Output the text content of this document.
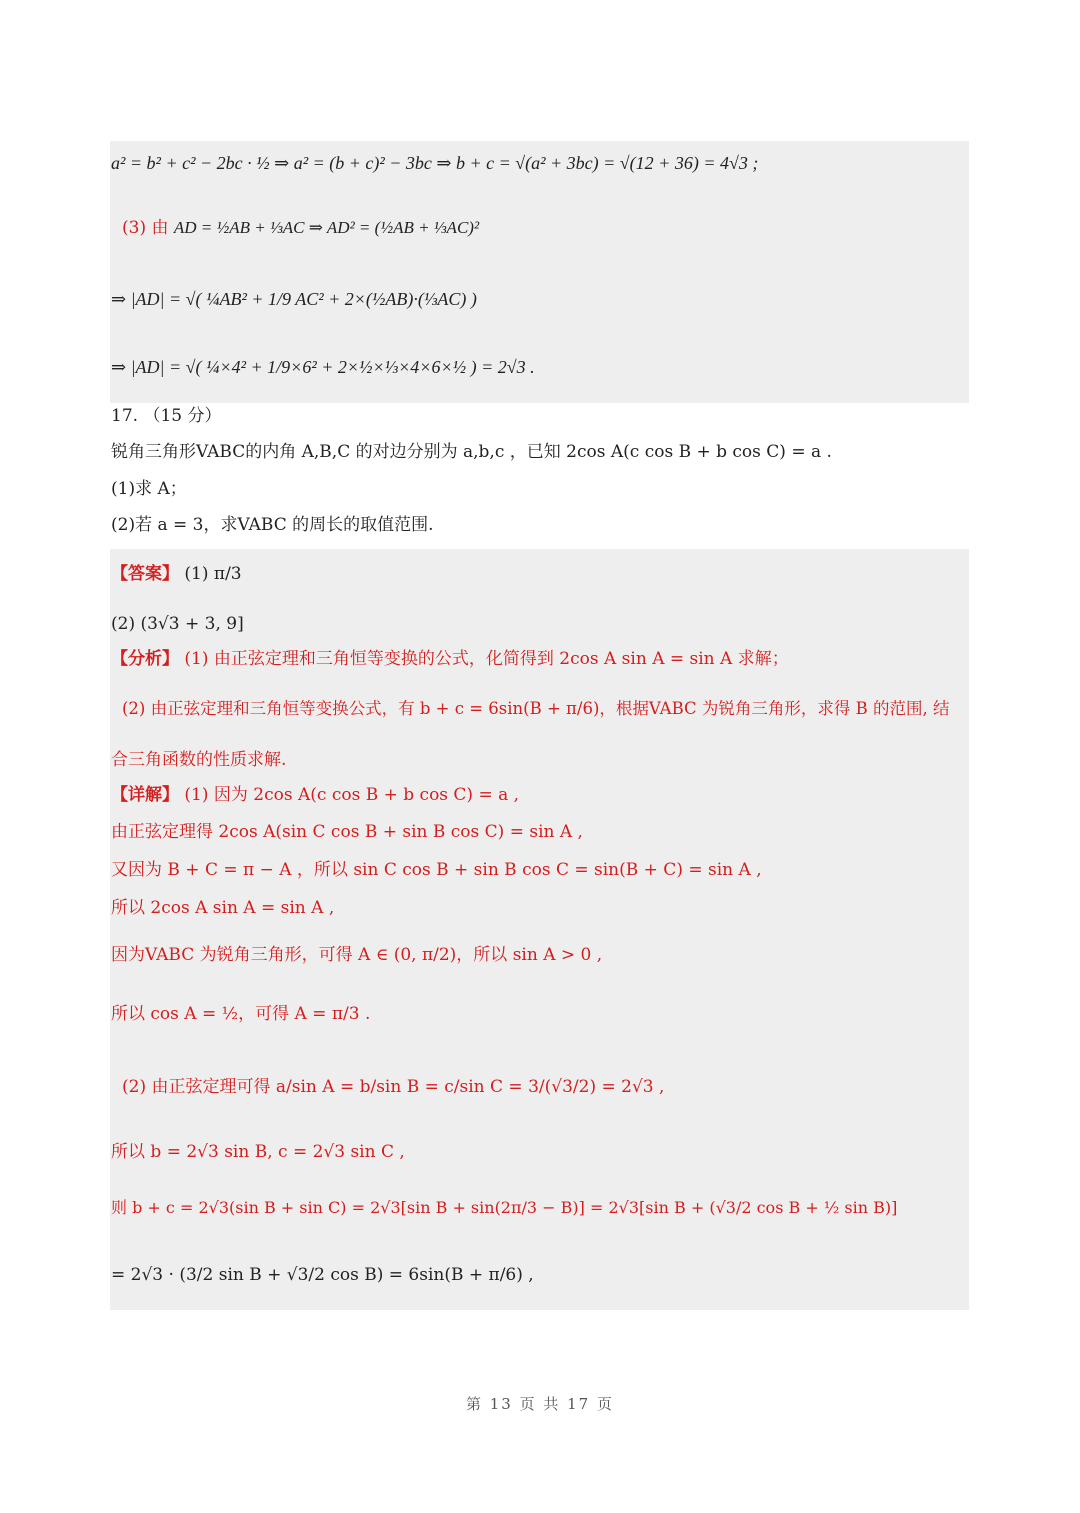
a² = b² + c² − 2bc · ½ ⇒ a² = (b + c)² − 3bc ⇒ b + c = √(a² + 3bc) = √(12 + 36) = 4√3 ;
(3) 由 AD = ½AB + ⅓AC ⇒ AD² = (½AB + ⅓AC)²
⇒ |AD| = √( ¼AB² + 1/9 AC² + 2×(½AB)·(⅓AC) )
⇒ |AD| = √( ¼×4² + 1/9×6² + 2×½×⅓×4×6×½ ) = 2√3 .
17. （15 分）
锐角三角形VABC的内角 A,B,C 的对边分别为 a,b,c ，已知 2cos A(c cos B + b cos C) = a .
(1)求 A；
(2)若 a = 3，求VABC 的周长的取值范围.
【答案】 (1) π/3
(2) (3√3 + 3, 9]
【分析】 (1) 由正弦定理和三角恒等变换的公式，化简得到 2cos A sin A = sin A 求解；
(2) 由正弦定理和三角恒等变换公式，有 b + c = 6sin(B + π/6)，根据VABC 为锐角三角形，求得 B 的范围, 结
合三角函数的性质求解.
【详解】 (1) 因为 2cos A(c cos B + b cos C) = a ,
由正弦定理得 2cos A(sin C cos B + sin B cos C) = sin A ,
又因为 B + C = π − A ，所以 sin C cos B + sin B cos C = sin(B + C) = sin A ,
所以 2cos A sin A = sin A ,
因为VABC 为锐角三角形，可得 A ∈ (0, π/2)，所以 sin A > 0 ,
所以 cos A = ½，可得 A = π/3 .
(2) 由正弦定理可得 a/sin A = b/sin B = c/sin C = 3/(√3/2) = 2√3 ,
所以 b = 2√3 sin B, c = 2√3 sin C ,
则 b + c = 2√3(sin B + sin C) = 2√3[sin B + sin(2π/3 − B)] = 2√3[sin B + (√3/2 cos B + ½ sin B)]
= 2√3 · (3/2 sin B + √3/2 cos B) = 6sin(B + π/6) ,
第 13 页 共 17 页
